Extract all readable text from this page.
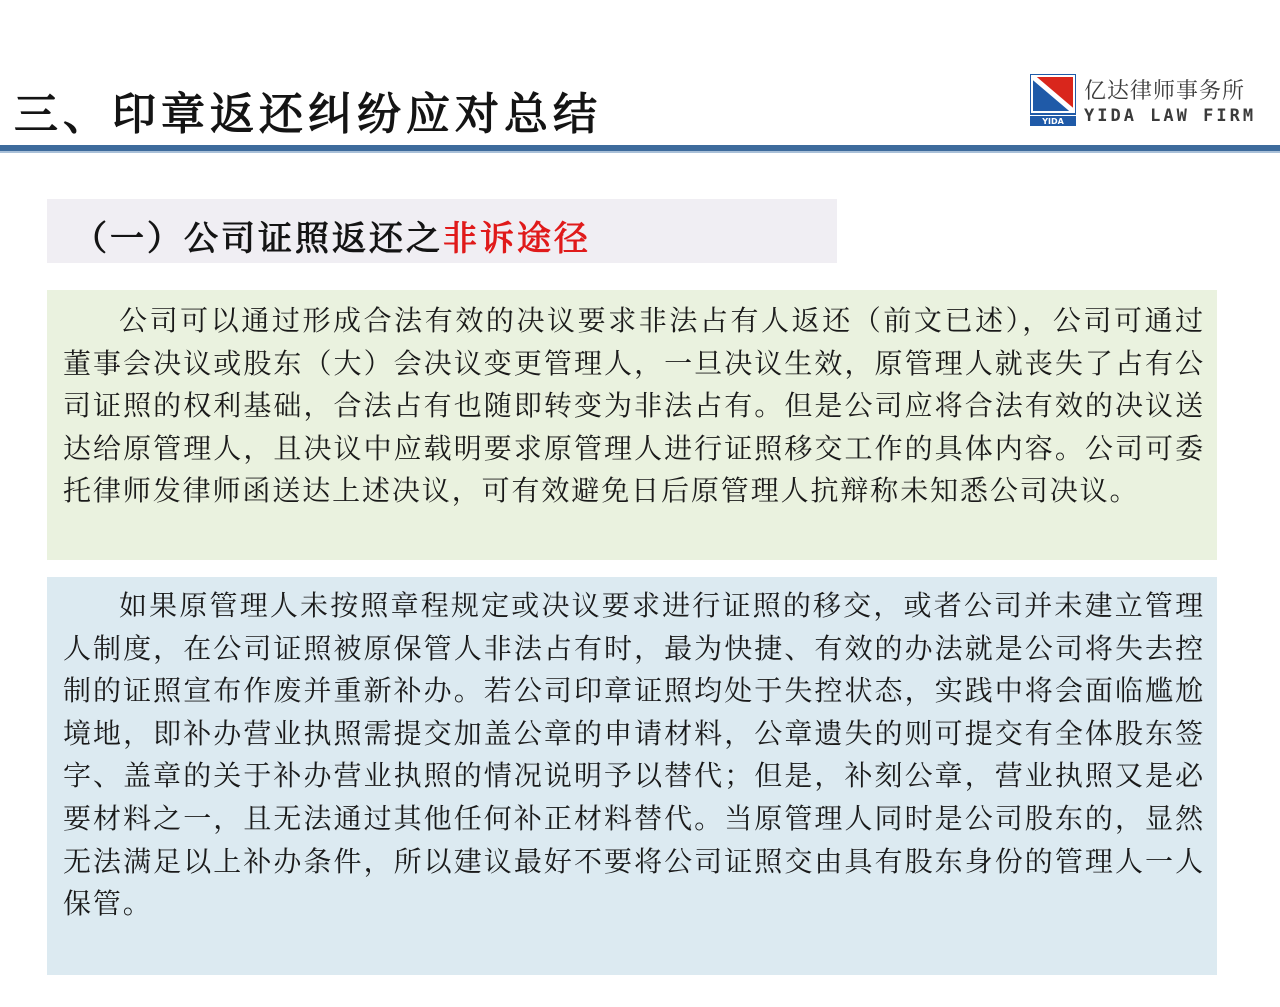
三、印章返还纠纷应对总结	YIDA
亿达律师事务所
YIDA LAW FIRM
（一）公司证照返还之非诉途径
公司可以通过形成合法有效的决议要求非法占有人返还（前文已述），公司可通过董事会决议或股东（大）会决议变更管理人，一旦决议生效，原管理人就丧失了占有公司证照的权利基础，合法占有也随即转变为非法占有。但是公司应将合法有效的决议送达给原管理人，且决议中应载明要求原管理人进行证照移交工作的具体内容。公司可委托律师发律师函送达上述决议，可有效避免日后原管理人抗辩称未知悉公司决议。
如果原管理人未按照章程规定或决议要求进行证照的移交，或者公司并未建立管理人制度，在公司证照被原保管人非法占有时，最为快捷、有效的办法就是公司将失去控制的证照宣布作废并重新补办。若公司印章证照均处于失控状态，实践中将会面临尴尬境地，即补办营业执照需提交加盖公章的申请材料，公章遗失的则可提交有全体股东签字、盖章的关于补办营业执照的情况说明予以替代；但是，补刻公章，营业执照又是必要材料之一，且无法通过其他任何补正材料替代。当原管理人同时是公司股东的，显然无法满足以上补办条件，所以建议最好不要将公司证照交由具有股东身份的管理人一人保管。
